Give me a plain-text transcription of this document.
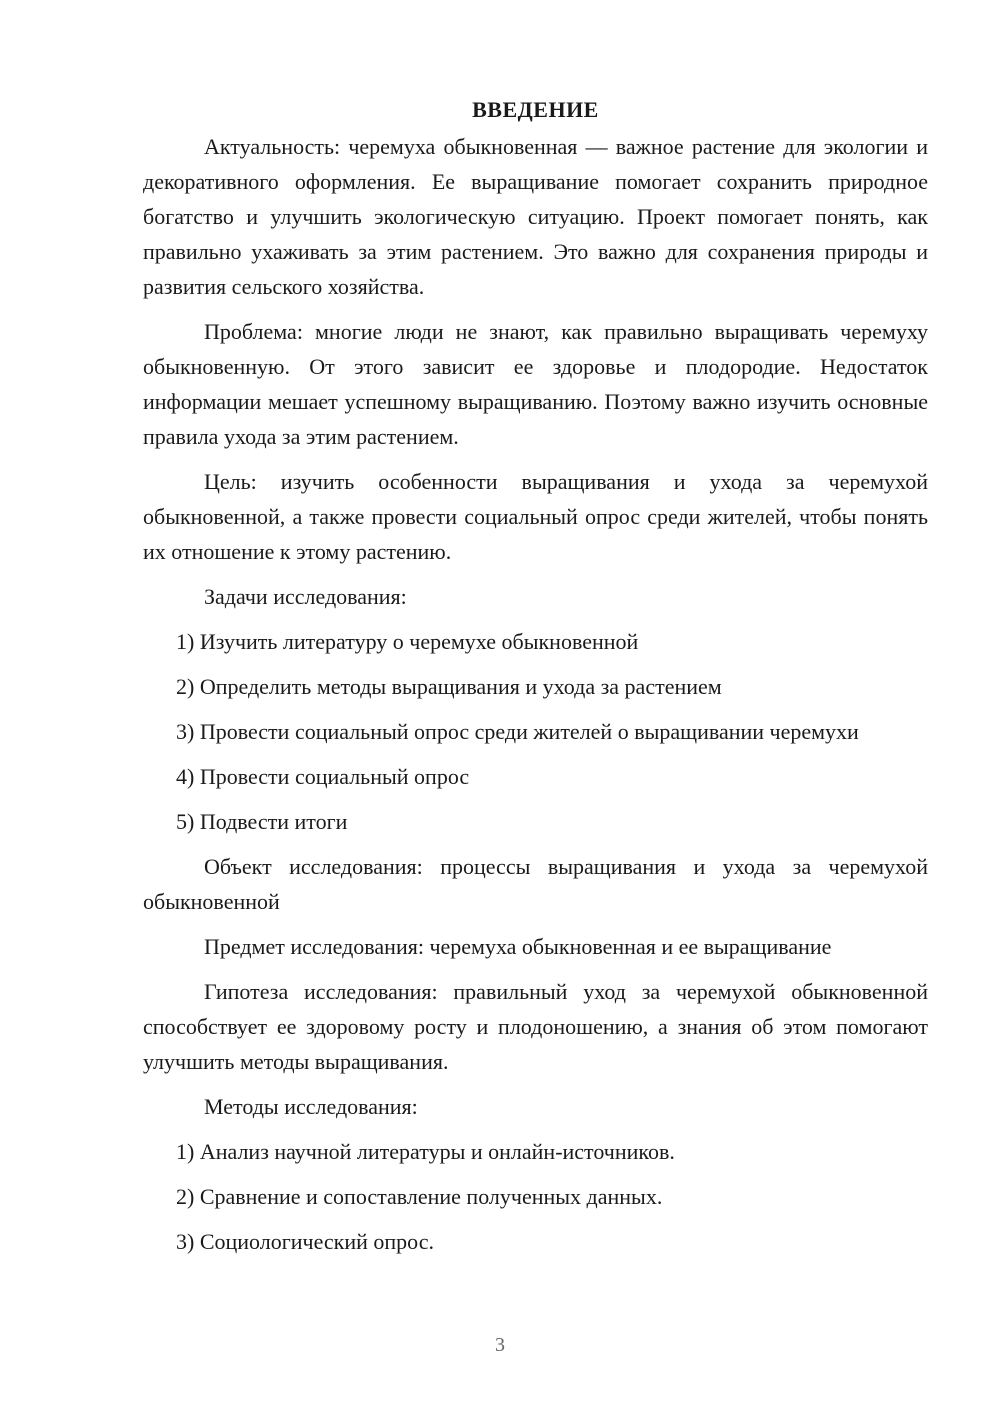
ВВЕДЕНИЕ

Актуальность: черемуха обыкновенная — важное растение для экологии и декоративного оформления. Ее выращивание помогает сохранить природное богатство и улучшить экологическую ситуацию. Проект помогает понять, как правильно ухаживать за этим растением. Это важно для сохранения природы и развития сельского хозяйства.

Проблема: многие люди не знают, как правильно выращивать черемуху обыкновенную. От этого зависит ее здоровье и плодородие. Недостаток информации мешает успешному выращиванию. Поэтому важно изучить основные правила ухода за этим растением.

Цель: изучить особенности выращивания и ухода за черемухой обыкновенной, а также провести социальный опрос среди жителей, чтобы понять их отношение к этому растению.

Задачи исследования:

1) Изучить литературу о черемухе обыкновенной

2) Определить методы выращивания и ухода за растением

3) Провести социальный опрос среди жителей о выращивании черемухи

4) Провести социальный опрос

5) Подвести итоги

Объект исследования: процессы выращивания и ухода за черемухой обыкновенной

Предмет исследования: черемуха обыкновенная и ее выращивание

Гипотеза исследования: правильный уход за черемухой обыкновенной способствует ее здоровому росту и плодоношению, а знания об этом помогают улучшить методы выращивания.

Методы исследования:

1) Анализ научной литературы и онлайн-источников.

2) Сравнение и сопоставление полученных данных.

3) Социологический опрос.

3
